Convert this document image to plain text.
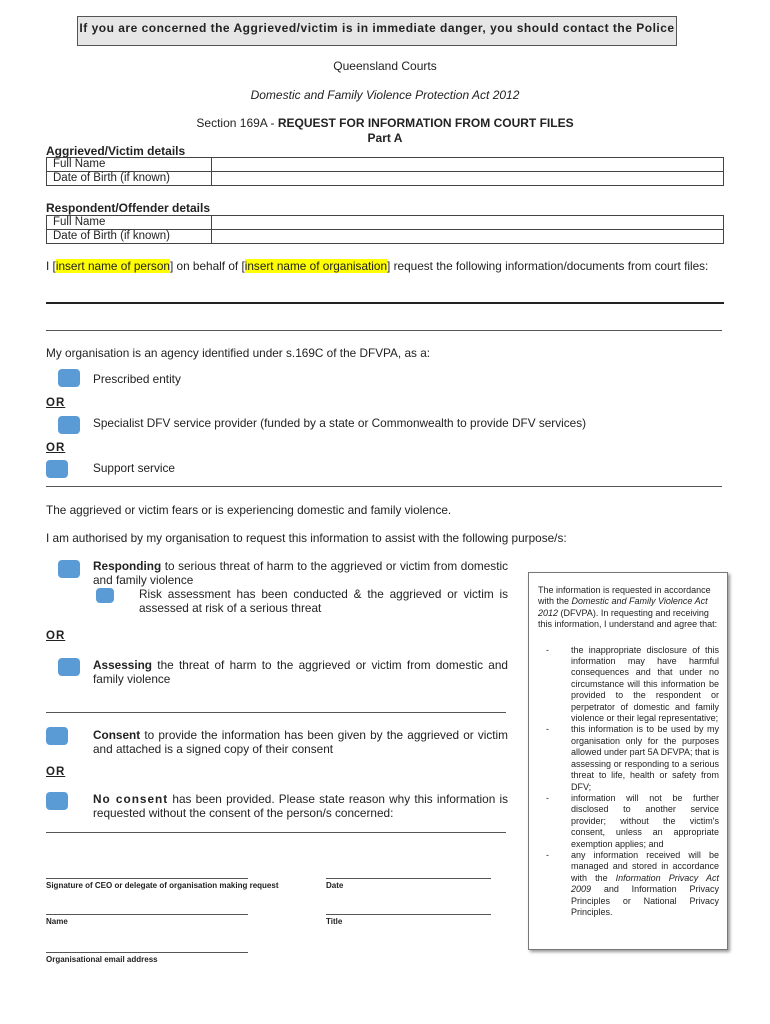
If you are concerned the Aggrieved/victim is in immediate danger, you should contact the Police
Queensland Courts
Domestic and Family Violence Protection Act 2012
Section 169A - REQUEST FOR INFORMATION FROM COURT FILES
Part A
Aggrieved/Victim details
Full Name	
Date of Birth (if known)	
Respondent/Offender details
Full Name	
Date of Birth (if known)	
I [insert name of person] on behalf of [insert name of organisation] request the following information/documents from court files:
My organisation is an agency identified under s.169C of the DFVPA, as a:
Prescribed entity
OR
Specialist DFV service provider (funded by a state or Commonwealth to provide DFV services)
OR
Support service
The aggrieved or victim fears or is experiencing domestic and family violence.
I am authorised by my organisation to request this information to assist with the following purpose/s:
Responding to serious threat of harm to the aggrieved or victim from domestic and family violence
Risk assessment has been conducted & the aggrieved or victim is assessed at risk of a serious threat
OR
Assessing the threat of harm to the aggrieved or victim from domestic and family violence
Consent to provide the information has been given by the aggrieved or victim and attached is a signed copy of their consent
OR
No consent has been provided. Please state reason why this information is requested without the consent of the person/s concerned:
Signature of CEO or delegate of organisation making request	Date
Name	Title
Organisational email address
The information is requested in accordance with the Domestic and Family Violence Act 2012 (DFVPA). In requesting and receiving this information, I understand and agree that:
- the inappropriate disclosure of this information may have harmful consequences and that under no circumstance will this information be provided to the respondent or perpetrator of domestic and family violence or their legal representative;
- this information is to be used by my organisation only for the purposes allowed under part 5A DFVPA; that is assessing or responding to a serious threat to life, health or safety from DFV;
- information will not be further disclosed to another service provider; without the victim's consent, unless an appropriate exemption applies; and
- any information received will be managed and stored in accordance with the Information Privacy Act 2009 and Information Privacy Principles or National Privacy Principles.
